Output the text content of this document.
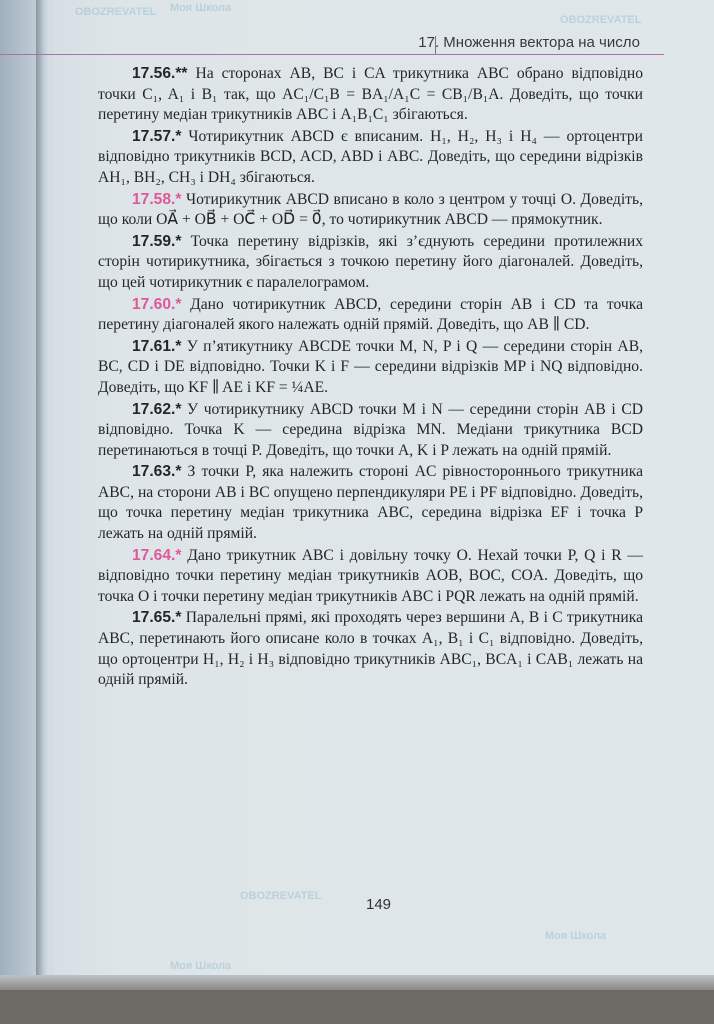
17. Множення вектора на число

17.56.** На сторонах AB, BC і CA трикутника ABC обрано відповідно точки C₁, A₁ і B₁ так, що AC₁/C₁B = BA₁/A₁C = CB₁/B₁A. Доведіть, що точки перетину медіан трикутників ABC і A₁B₁C₁ збігаються.

17.57.* Чотирикутник ABCD є вписаним. H₁, H₂, H₃ і H₄ — ортоцентри відповідно трикутників BCD, ACD, ABD і ABC. Доведіть, що середини відрізків AH₁, BH₂, CH₃ і DH₄ збігаються.

17.58.* Чотирикутник ABCD вписано в коло з центром у точці O. Доведіть, що коли OA⃗ + OB⃗ + OC⃗ + OD⃗ = 0⃗, то чотирикутник ABCD — прямокутник.

17.59.* Точка перетину відрізків, які з’єднують середини протилежних сторін чотирикутника, збігається з точкою перетину його діагоналей. Доведіть, що цей чотирикутник є паралелограмом.

17.60.* Дано чотирикутник ABCD, середини сторін AB і CD та точка перетину діагоналей якого належать одній прямій. Доведіть, що AB ∥ CD.

17.61.* У п’ятикутнику ABCDE точки M, N, P і Q — середини сторін AB, BC, CD і DE відповідно. Точки K і F — середини відрізків MP і NQ відповідно. Доведіть, що KF ∥ AE і KF = ¼AE.

17.62.* У чотирикутнику ABCD точки M і N — середини сторін AB і CD відповідно. Точка K — середина відрізка MN. Медіани трикутника BCD перетинаються в точці P. Доведіть, що точки A, K і P лежать на одній прямій.

17.63.* З точки P, яка належить стороні AC рівностороннього трикутника ABC, на сторони AB і BC опущено перпендикуляри PE і PF відповідно. Доведіть, що точка перетину медіан трикутника ABC, середина відрізка EF і точка P лежать на одній прямій.

17.64.* Дано трикутник ABC і довільну точку O. Нехай точки P, Q і R — відповідно точки перетину медіан трикутників AOB, BOC, COA. Доведіть, що точка O і точки перетину медіан трикутників ABC і PQR лежать на одній прямій.

17.65.* Паралельні прямі, які проходять через вершини A, B і C трикутника ABC, перетинають його описане коло в точках A₁, B₁ і C₁ відповідно. Доведіть, що ортоцентри H₁, H₂ і H₃ відповідно трикутників ABC₁, BCA₁ і CAB₁ лежать на одній прямій.

149
Моя Школа
OBOZREVATEL
OBOZREVATEL
Моя Школа
OBOZREVATEL
Моя Школа
